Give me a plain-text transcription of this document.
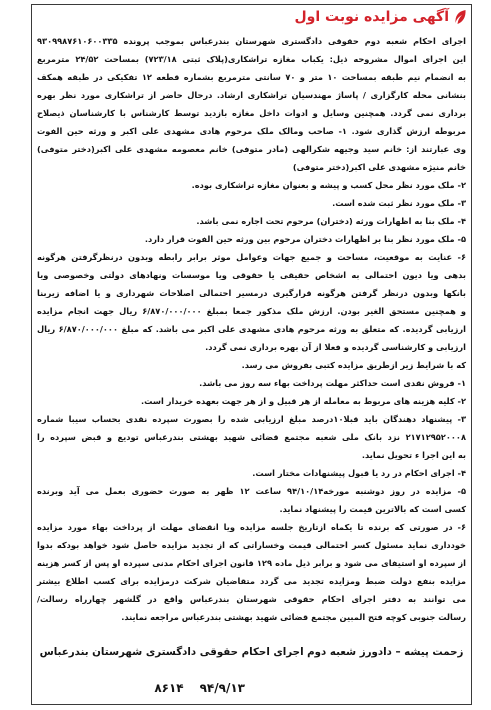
آگهی مزایده نوبت اول
اجرای احکام شعبه دوم حقوقی دادگستری شهرستان بندرعباس بموجب پرونده ۹۳۰۹۹۸۷۶۱۰۶۰۰۳۳۵
این اجرای اموال مشروحه ذیل: یکباب مغازه تراشکاری(پلاک ثبتی ۷۲۳/۱۸) بمساحت ۲۴/۵۲ مترمربع
به انضمام نیم طبقه بمساحت ۱۰ متر و ۷۰ سانتی مترمربع بشماره قطعه ۱۲ تفکیکی در طبقه همکف
بنشانی محله کارگزاری / پاساژ مهندسیان تراشکاری ارشاد. درحال حاضر از تراشکاری مورد نظر بهره
برداری نمی گردد. همچنین وسایل و ادوات داخل مغازه بازدید توسط کارشناس با کارشناسان ذیصلاح
مربوطه ارزش گذاری شود. ۱- صاحب ومالک ملک مرحوم هادی مشهدی علی اکبر و ورثه حین الفوت
وی عبارتند از: خانم سید وجیهه شکرالهی (مادر متوفی) خانم معصومه مشهدی علی اکبر(دختر متوفی)
خانم منیژه مشهدی علی اکبر(دختر متوفی)
۲- ملک مورد نظر محل کسب و پیشه و بعنوان مغازه تراشکاری بوده.
۳- ملک مورد نظر ثبت شده است.
۴- ملک بنا به اظهارات ورثه (دختران) مرحوم تحت اجاره نمی باشد.
۵- ملک مورد نظر بنا بر اظهارات دختران مرحوم بین ورثه حین الفوت قرار دارد.
۶- عنایت به موقعیت، مساحت و جمیع جهات وعوامل موثر برابر رابطه وبدون درنظرگرفتن هرگونه
بدهی ویا دیون احتمالی به اشخاص حقیقی یا حقوقی ویا موسسات ونهادهای دولتی وخصوصی ویا
بانکها وبدون درنظر گرفتن هرگونه قرارگیری درمسیر احتمالی اصلاحات شهرداری و یا اضافه زیربنا
و همچنین مستحق الغیر بودن. ارزش ملک مذکور جمعا بمبلغ ۶/۸۷۰/۰۰۰/۰۰۰ ریال جهت انجام مزایده
ارزیابی گردیده. که متعلق به ورثه مرحوم هادی مشهدی علی اکبر می باشد. که مبلغ ۶/۸۷۰/۰۰۰/۰۰۰ ریال
ارزیابی و کارشناسی گردیده و فعلا از آن بهره برداری نمی گردد.
که با شرایط زیر ازطریق مزایده کتبی بفروش می رسد.
۱- فروش نقدی است حداکثر مهلت پرداخت بهاء سه روز می باشد.
۲- کلیه هزینه های مربوط به معامله از هر قبیل و از هر جهت بعهده خریدار است.
۳- پیشنهاد دهندگان باید قبلا۱۰درصد مبلغ ارزیابی شده را بصورت سپرده نقدی بحساب سیبا شماره
۲۱۷۱۲۹۵۲۰۰۰۸ نزد بانک ملی شعبه مجتمع قضائی شهید بهشتی بندرعباس تودیع و قبض سپرده را
به این اجرا ء تحویل نماید.
۴- اجرای احکام در رد یا قبول پیشنهادات مختار است.
۵- مزایده در روز دوشنبه مورخه۹۴/۱۰/۱۴ ساعت ۱۲ ظهر به صورت حضوری بعمل می آید وبرنده
کسی است که بالاترین قیمت را پیشنهاد نماید.
۶- در صورتی که برنده تا یکماه ازتاریخ جلسه مزایده ویا انقضای مهلت از پرداخت بهاء مورد مزایده
خودداری نماید مسئول کسر احتمالی قیمت وخساراتی که از تجدید مزایده حاصل شود خواهد بودکه بدوا
از سپرده او استیفای می شود و برابر ذیل ماده ۱۲۹ قانون اجرای احکام مدنی سپرده او پس از کسر هزینه
مزایده بنفع دولت ضبط ومزایده تجدید می گردد متقاضیان شرکت درمزایده برای کسب اطلاع بیشتر
می توانند به دفتر اجرای احکام حقوقی شهرستان بندرعباس واقع در گلشهر چهارراه رسالت/
رسالت جنوبی کوچه فتح المبین مجتمع قضائی شهید بهشتی بندرعباس مراجعه نمایند.
زحمت پیشه – دادورز شعبه دوم اجرای احکام حقوقی دادگستری شهرستان بندرعباس
۹۴/۹/۱۳
۸۶۱۴
